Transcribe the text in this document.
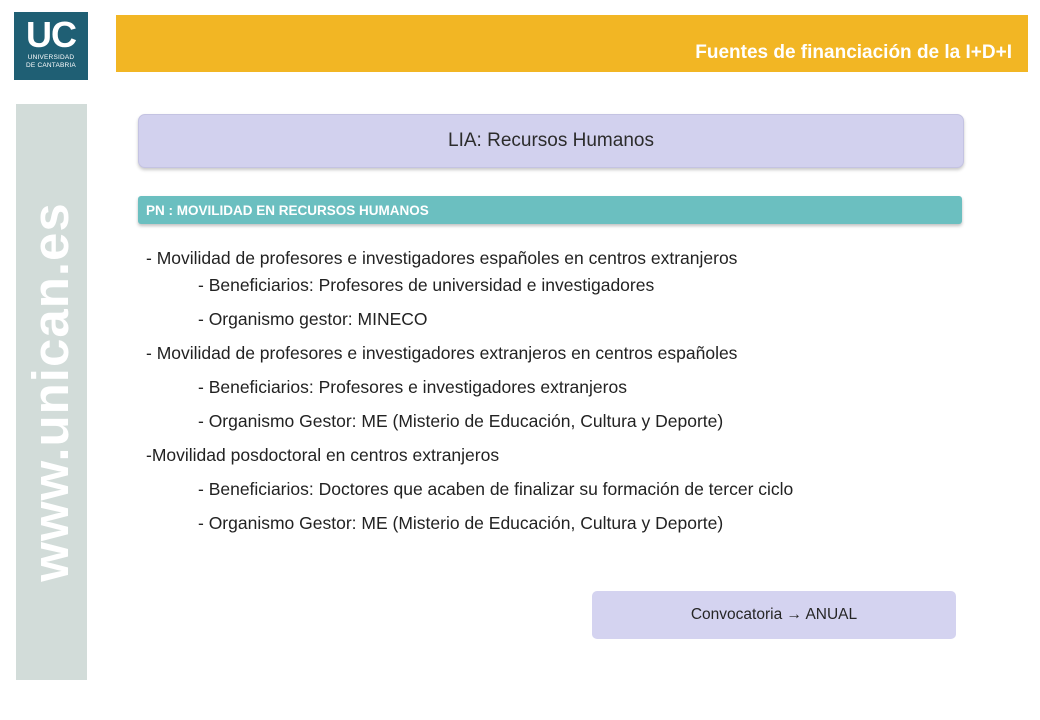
UC
UNIVERSIDAD
DE CANTABRIA
Fuentes de financiación de la I+D+I
www.unican.es
LIA: Recursos Humanos
PN : MOVILIDAD EN RECURSOS HUMANOS

- Movilidad de profesores e investigadores españoles en centros extranjeros

- Beneficiarios: Profesores de universidad e investigadores

- Organismo gestor: MINECO

- Movilidad de profesores e investigadores extranjeros en centros españoles

- Beneficiarios: Profesores e investigadores extranjeros

- Organismo Gestor: ME (Misterio de Educación, Cultura y Deporte)

-Movilidad posdoctoral en centros extranjeros

- Beneficiarios: Doctores que acaben de finalizar su formación de tercer ciclo

- Organismo Gestor: ME (Misterio de Educación, Cultura y Deporte)

Convocatoria → ANUAL
